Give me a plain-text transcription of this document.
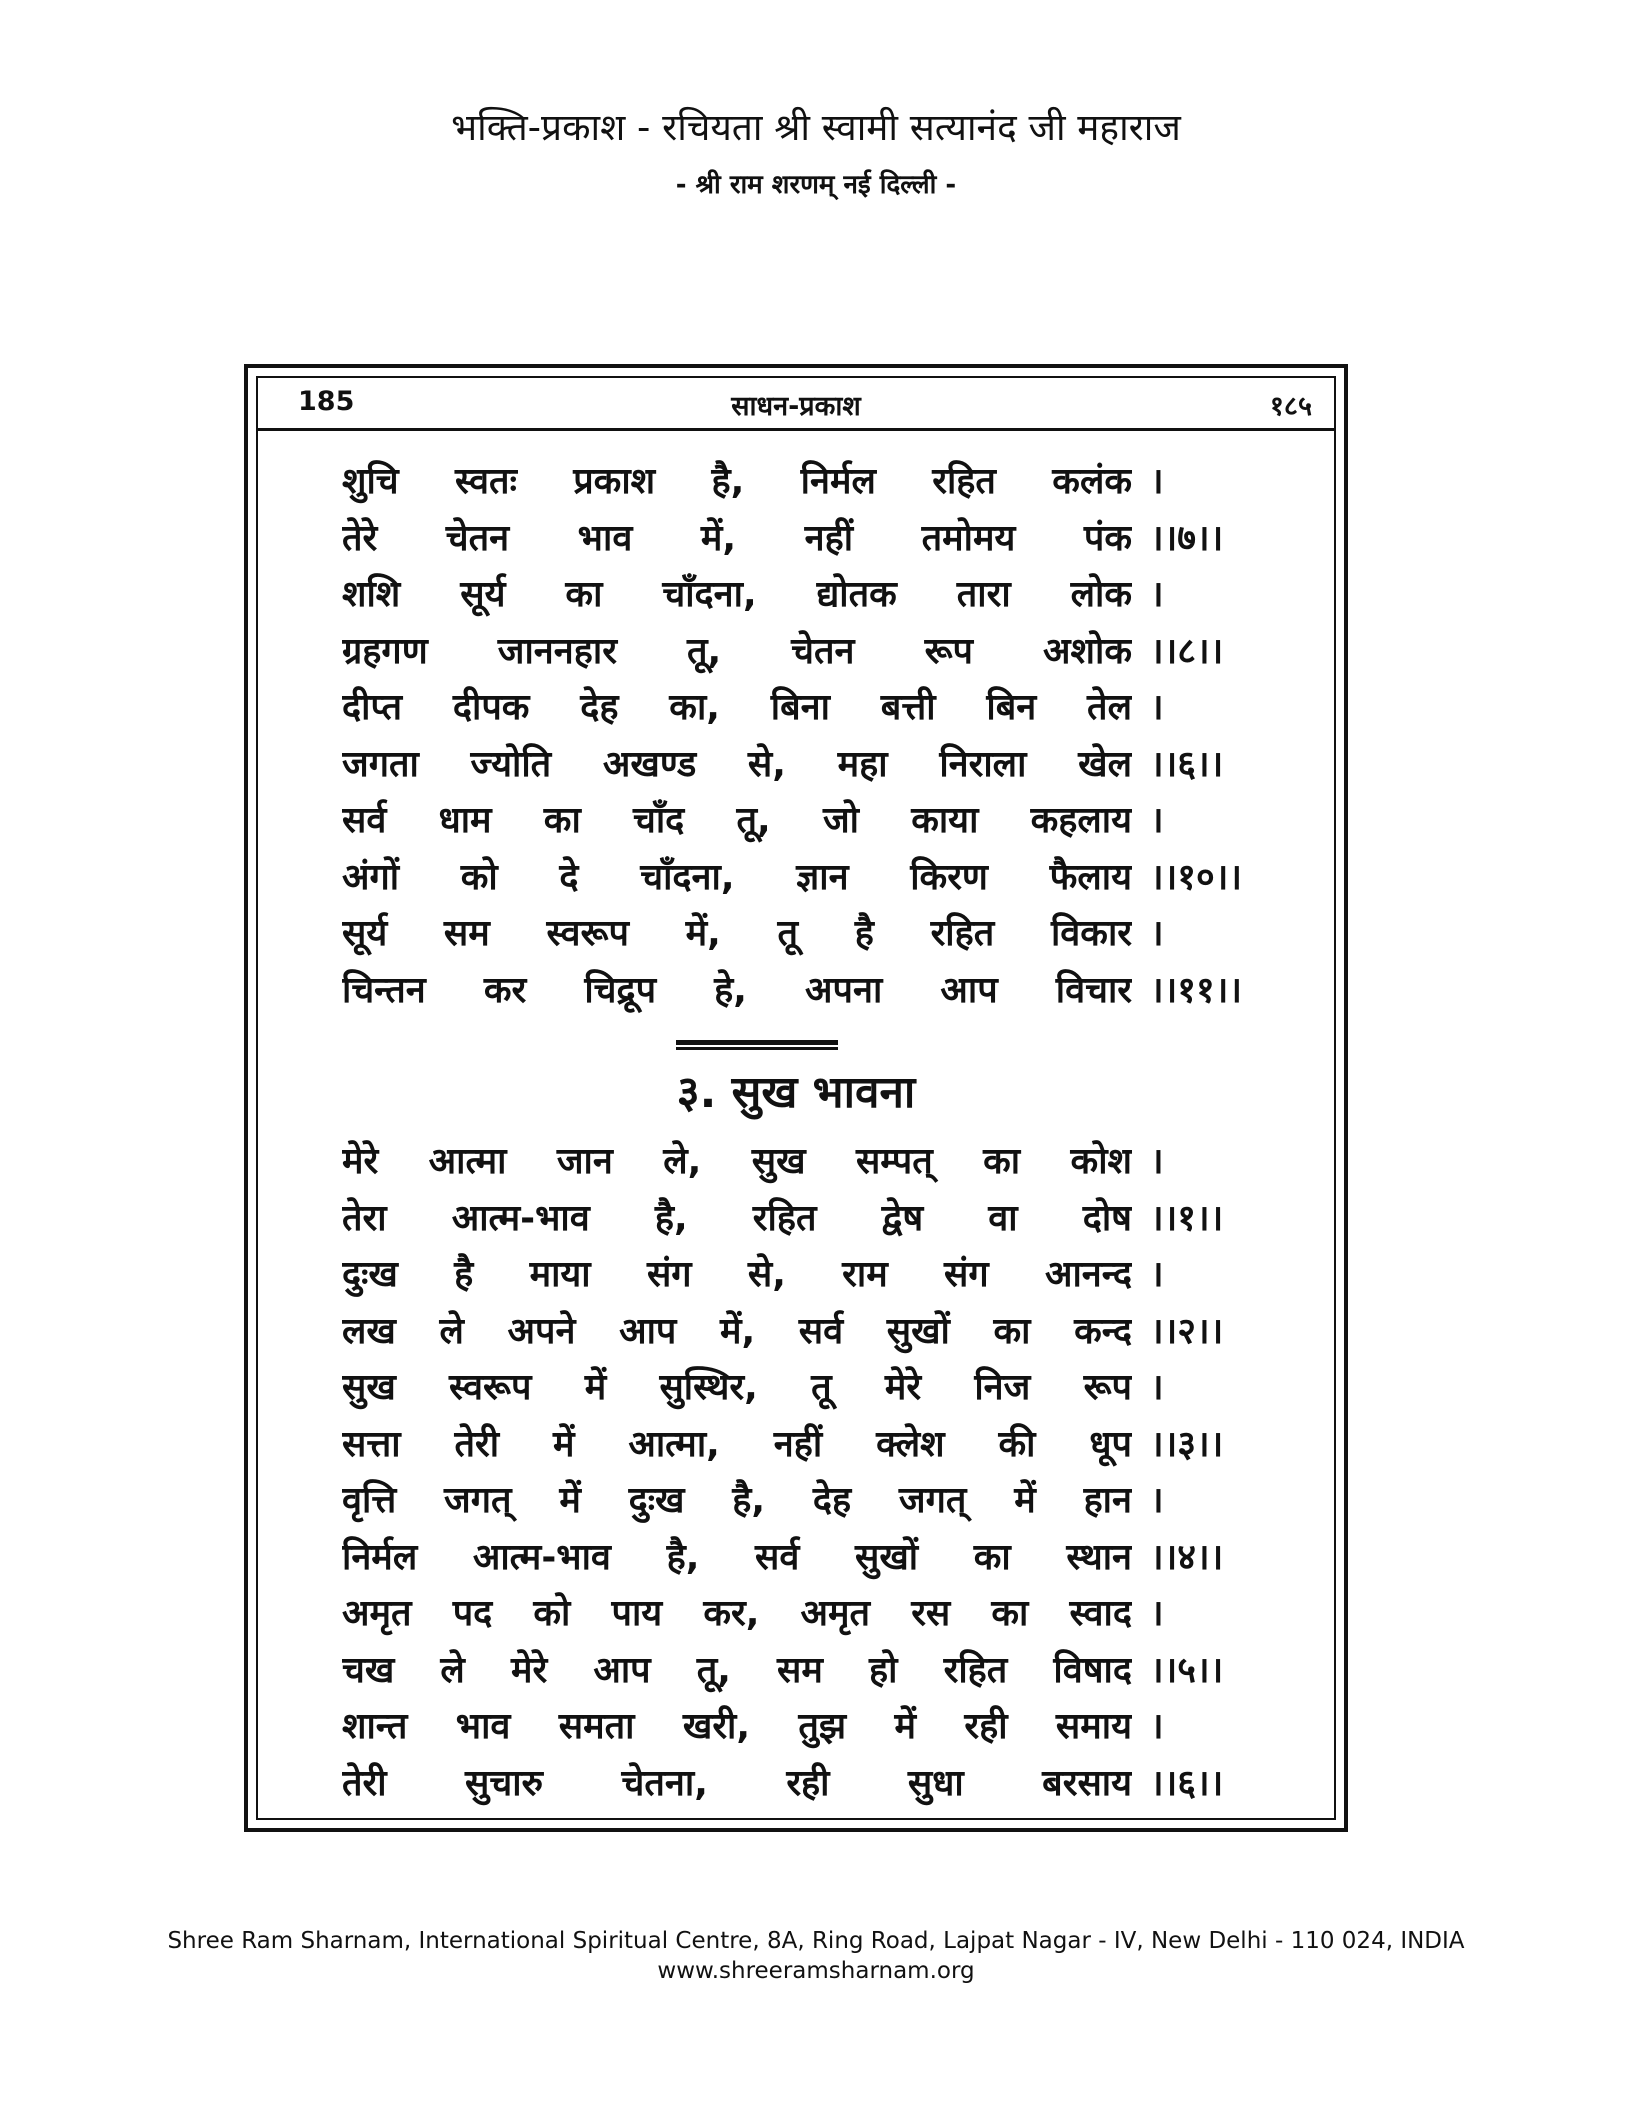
भक्ति-प्रकाश - रचियता श्री स्वामी सत्यानंद जी महाराज
- श्री राम शरणम् नई दिल्ली -
185	साधन-प्रकाश	१८५
शुचि स्वतः प्रकाश है, निर्मल रहित कलंक ।
तेरे चेतन भाव में, नहीं तमोमय पंक ।।७।।
शशि सूर्य का चाँदना, द्योतक तारा लोक ।
ग्रहगण जाननहार तू, चेतन रूप अशोक ।।८।।
दीप्त दीपक देह का, बिना बत्ती बिन तेल ।
जगता ज्योति अखण्ड से, महा निराला खेल ।।६।।
सर्व धाम का चाँद तू, जो काया कहलाय ।
अंगों को दे चाँदना, ज्ञान किरण फैलाय ।।१०।।
सूर्य सम स्वरूप में, तू है रहित विकार ।
चिन्तन कर चिद्रूप हे, अपना आप विचार ।।११।।
३. सुख भावना
मेरे आत्मा जान ले, सुख सम्पत् का कोश ।
तेरा आत्म-भाव है, रहित द्वेष वा दोष ।।१।।
दुःख है माया संग से, राम संग आनन्द ।
लख ले अपने आप में, सर्व सुखों का कन्द ।।२।।
सुख स्वरूप में सुस्थिर, तू मेरे निज रूप ।
सत्ता तेरी में आत्मा, नहीं क्लेश की धूप ।।३।।
वृत्ति जगत् में दुःख है, देह जगत् में हान ।
निर्मल आत्म-भाव है, सर्व सुखों का स्थान ।।४।।
अमृत पद को पाय कर, अमृत रस का स्वाद ।
चख ले मेरे आप तू, सम हो रहित विषाद ।।५।।
शान्त भाव समता खरी, तुझ में रही समाय ।
तेरी सुचारु चेतना, रही सुधा बरसाय ।।६।।
Shree Ram Sharnam, International Spiritual Centre, 8A, Ring Road, Lajpat Nagar - IV, New Delhi - 110 024, INDIA
www.shreeramsharnam.org
